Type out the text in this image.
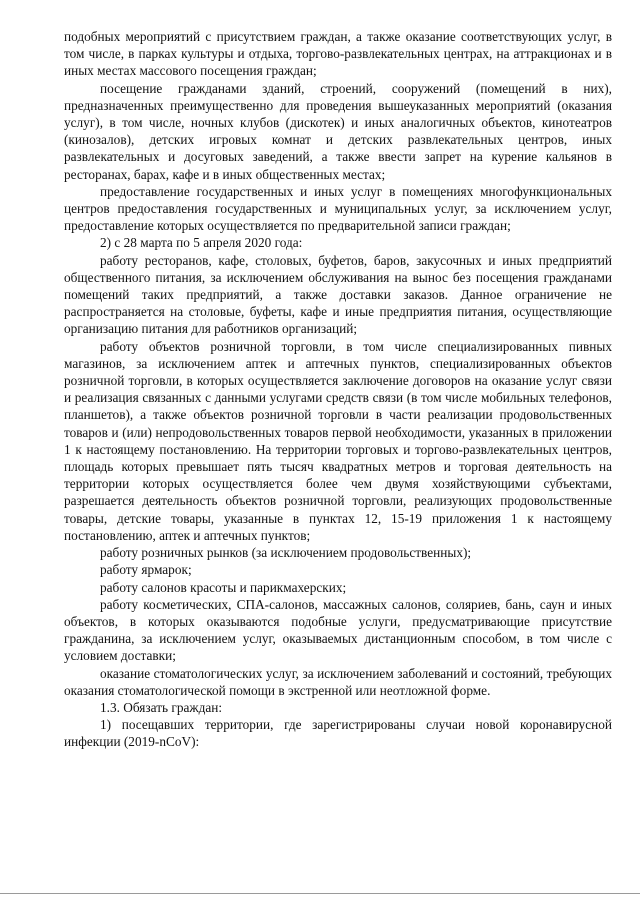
подобных мероприятий с присутствием граждан, а также оказание соответствующих услуг, в том числе, в парках культуры и отдыха, торгово-развлекательных центрах, на аттракционах и в иных местах массового посещения граждан;

посещение гражданами зданий, строений, сооружений (помещений в них), предназначенных преимущественно для проведения вышеуказанных мероприятий (оказания услуг), в том числе, ночных клубов (дискотек) и иных аналогичных объектов, кинотеатров (кинозалов), детских игровых комнат и детских развлекательных центров, иных развлекательных и досуговых заведений, а также ввести запрет на курение кальянов в ресторанах, барах, кафе и в иных общественных местах;

предоставление государственных и иных услуг в помещениях многофункциональных центров предоставления государственных и муниципальных услуг, за исключением услуг, предоставление которых осуществляется по предварительной записи граждан;

2) с 28 марта по 5 апреля 2020 года:

работу ресторанов, кафе, столовых, буфетов, баров, закусочных и иных предприятий общественного питания, за исключением обслуживания на вынос без посещения гражданами помещений таких предприятий, а также доставки заказов. Данное ограничение не распространяется на столовые, буфеты, кафе и иные предприятия питания, осуществляющие организацию питания для работников организаций;

работу объектов розничной торговли, в том числе специализированных пивных магазинов, за исключением аптек и аптечных пунктов, специализированных объектов розничной торговли, в которых осуществляется заключение договоров на оказание услуг связи и реализация связанных с данными услугами средств связи (в том числе мобильных телефонов, планшетов), а также объектов розничной торговли в части реализации продовольственных товаров и (или) непродовольственных товаров первой необходимости, указанных в приложении 1 к настоящему постановлению. На территории торговых и торгово-развлекательных центров, площадь которых превышает пять тысяч квадратных метров и торговая деятельность на территории которых осуществляется более чем двумя хозяйствующими субъектами, разрешается деятельность объектов розничной торговли, реализующих продовольственные товары, детские товары, указанные в пунктах 12, 15-19 приложения 1 к настоящему постановлению, аптек и аптечных пунктов;

работу розничных рынков (за исключением продовольственных);

работу ярмарок;

работу салонов красоты и парикмахерских;

работу косметических, СПА-салонов, массажных салонов, соляриев, бань, саун и иных объектов, в которых оказываются подобные услуги, предусматривающие присутствие гражданина, за исключением услуг, оказываемых дистанционным способом, в том числе с условием доставки;

оказание стоматологических услуг, за исключением заболеваний и состояний, требующих оказания стоматологической помощи в экстренной или неотложной форме.

1.3. Обязать граждан:

1) посещавших территории, где зарегистрированы случаи новой коронавирусной инфекции (2019-nCoV):
